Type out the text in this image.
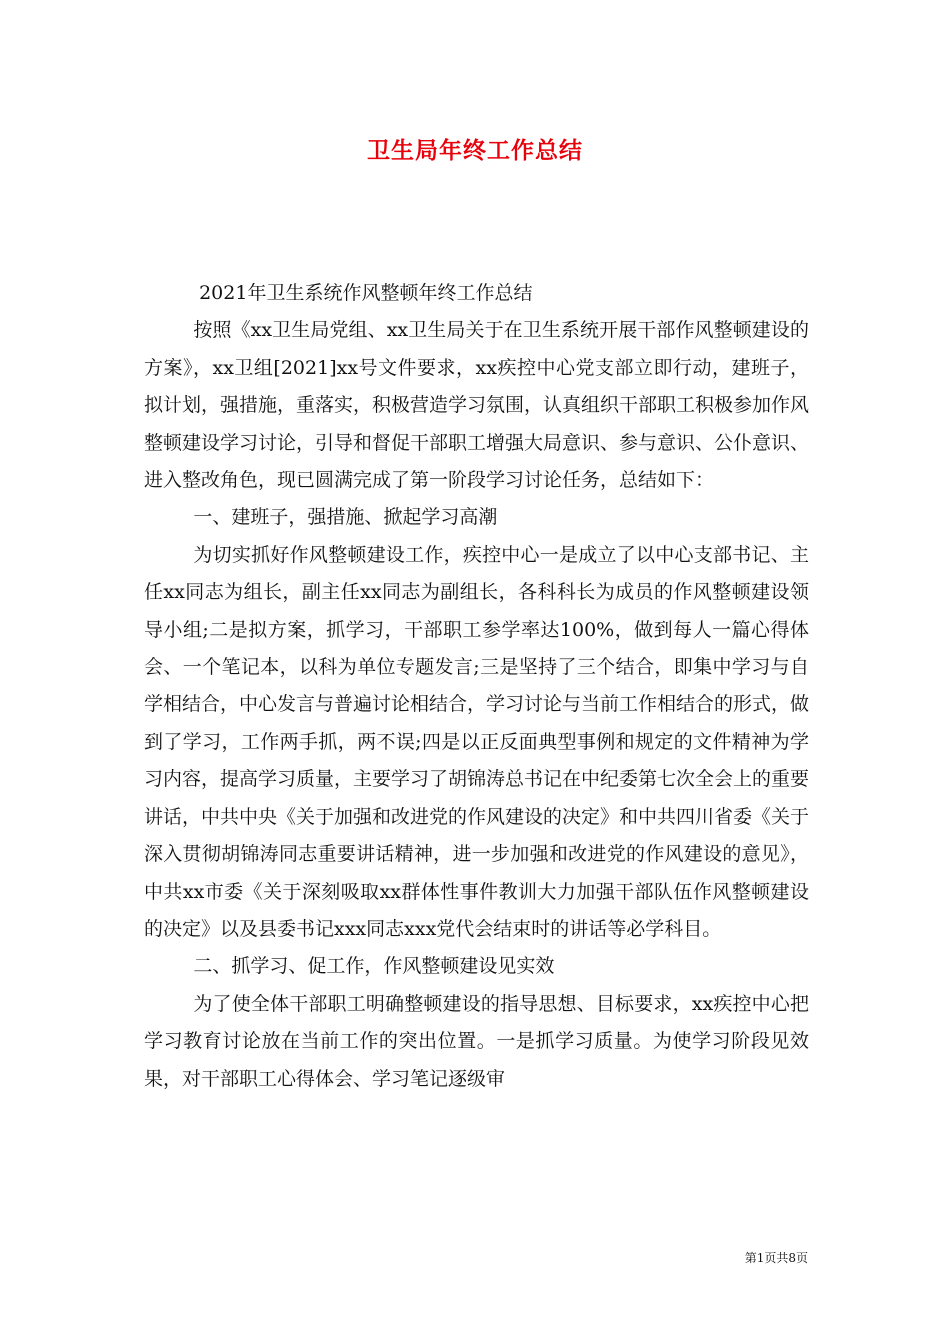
卫生局年终工作总结

2021年卫生系统作风整顿年终工作总结

按照《xx卫生局党组、xx卫生局关于在卫生系统开展干部作风整顿建设的方案》，xx卫组[2021]xx号文件要求，xx疾控中心党支部立即行动，建班子，拟计划，强措施，重落实，积极营造学习氛围，认真组织干部职工积极参加作风整顿建设学习讨论，引导和督促干部职工增强大局意识、参与意识、公仆意识、进入整改角色，现已圆满完成了第一阶段学习讨论任务，总结如下：

一、建班子，强措施、掀起学习高潮

为切实抓好作风整顿建设工作，疾控中心一是成立了以中心支部书记、主任xx同志为组长，副主任xx同志为副组长，各科科长为成员的作风整顿建设领导小组;二是拟方案，抓学习，干部职工参学率达100%，做到每人一篇心得体会、一个笔记本，以科为单位专题发言;三是坚持了三个结合，即集中学习与自学相结合，中心发言与普遍讨论相结合，学习讨论与当前工作相结合的形式，做到了学习，工作两手抓，两不误;四是以正反面典型事例和规定的文件精神为学习内容，提高学习质量，主要学习了胡锦涛总书记在中纪委第七次全会上的重要讲话，中共中央《关于加强和改进党的作风建设的决定》和中共四川省委《关于深入贯彻胡锦涛同志重要讲话精神，进一步加强和改进党的作风建设的意见》，中共xx市委《关于深刻吸取xx群体性事件教训大力加强干部队伍作风整顿建设的决定》以及县委书记xxx同志xxx党代会结束时的讲话等必学科目。

二、抓学习、促工作，作风整顿建设见实效

为了使全体干部职工明确整顿建设的指导思想、目标要求，xx疾控中心把学习教育讨论放在当前工作的突出位置。一是抓学习质量。为使学习阶段见效果，对干部职工心得体会、学习笔记逐级审

第1页共8页
